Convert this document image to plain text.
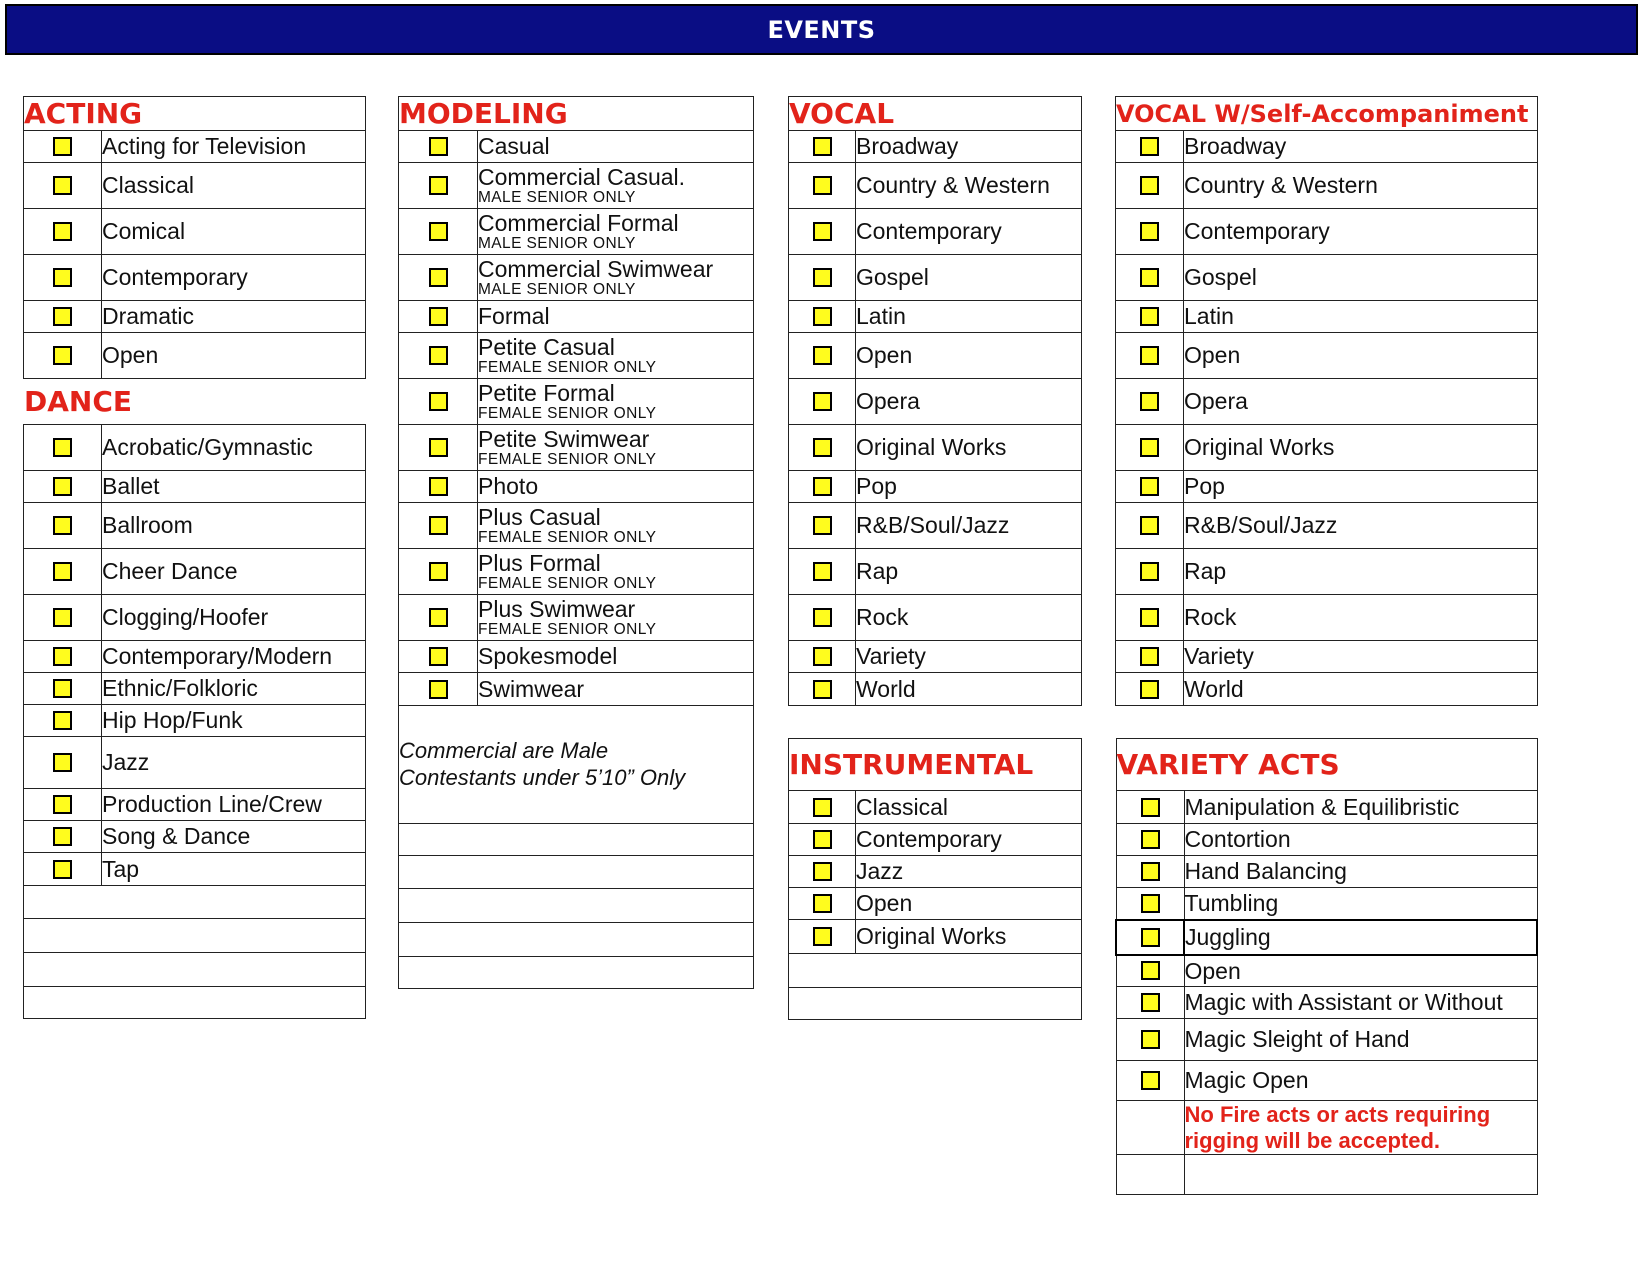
EVENTS
ACTING	

	Acting for Television

	Classical

	Comical

	Contemporary

	Dramatic

	Open

DANCE	

	Acrobatic/Gymnastic

	Ballet

	Ballroom

	Cheer Dance

	Clogging/Hoofer

	Contemporary/Modern

	Ethnic/Folkloric

	Hip Hop/Funk

	Jazz

	Production Line/Crew

	Song & Dance

	Tap

MODELING	

	Casual

	Commercial Casual.
MALE SENIOR ONLY

	Commercial Formal
MALE SENIOR ONLY

	Commercial Swimwear
MALE SENIOR ONLY

	Formal

	Petite Casual
FEMALE SENIOR ONLY

	Petite Formal
FEMALE SENIOR ONLY

	Petite Swimwear
FEMALE SENIOR ONLY

	Photo

	Plus Casual
FEMALE SENIOR ONLY

	Plus Formal
FEMALE SENIOR ONLY

	Plus Swimwear
FEMALE SENIOR ONLY

	Spokesmodel

	Swimwear

Commercial are Male
Contestants under 5’10” Only	

VOCAL	

	Broadway

	Country & Western

	Contemporary

	Gospel

	Latin

	Open

	Opera

	Original Works

	Pop

	R&B/Soul/Jazz

	Rap

	Rock

	Variety

	World
VOCAL W/Self-Accompaniment	

	Broadway

	Country & Western

	Contemporary

	Gospel

	Latin

	Open

	Opera

	Original Works

	Pop

	R&B/Soul/Jazz

	Rap

	Rock

	Variety

	World
INSTRUMENTAL	

	Classical

	Contemporary

	Jazz

	Open

	Original Works

VARIETY ACTS	

	Manipulation & Equilibristic

	Contortion

	Hand Balancing

	Tumbling

	Juggling

	Open

	Magic with Assistant or Without

	Magic Sleight of Hand

	Magic Open

	No Fire acts or acts requiring
rigging will be accepted.
